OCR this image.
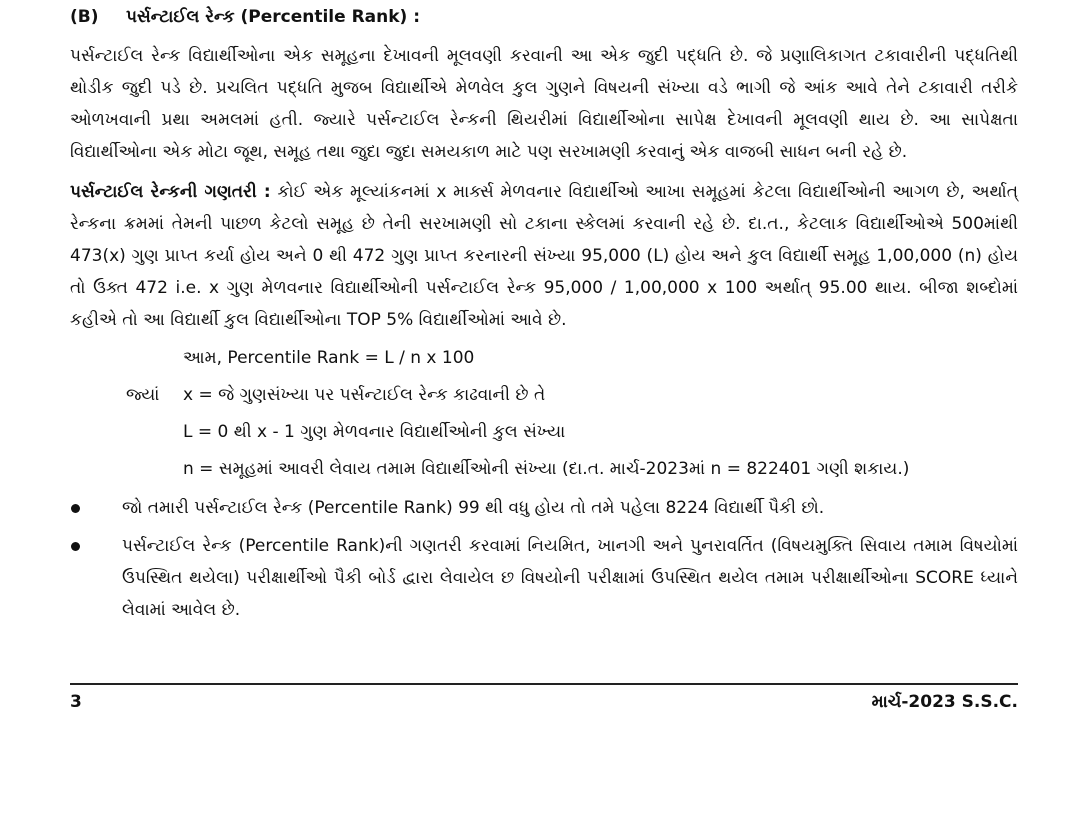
(B) પર્સન્ટાઈલ રેન્ક (Percentile Rank) :

પર્સન્ટાઈલ રેન્ક વિદ્યાર્થીઓના એક સમૂહના દેખાવની મૂલવણી કરવાની આ એક જુદી પદ્ધતિ છે. જે પ્રણાલિકાગત ટકાવારીની પદ્ધતિથી થોડીક જુદી પડે છે. પ્રચલિત પદ્ધતિ મુજબ વિદ્યાર્થીએ મેળવેલ કુલ ગુણને વિષયની સંખ્યા વડે ભાગી જે આંક આવે તેને ટકાવારી તરીકે ઓળખવાની પ્રથા અમલમાં હતી. જ્યારે પર્સન્ટાઈલ રેન્કની થિયરીમાં વિદ્યાર્થીઓના સાપેક્ષ દેખાવની મૂલવણી થાય છે. આ સાપેક્ષતા વિદ્યાર્થીઓના એક મોટા જૂથ, સમૂહ તથા જુદા જુદા સમયકાળ માટે પણ સરખામણી કરવાનું એક વાજબી સાધન બની રહે છે.

પર્સન્ટાઈલ રેન્કની ગણતરી : કોઈ એક મૂલ્યાંકનમાં x માર્ક્સ મેળવનાર વિદ્યાર્થીઓ આખા સમૂહમાં કેટલા વિદ્યાર્થીઓની આગળ છે, અર્થાત્ રેન્કના ક્રમમાં તેમની પાછળ કેટલો સમૂહ છે તેની સરખામણી સો ટકાના સ્કેલમાં કરવાની રહે છે. દા.ત., કેટલાક વિદ્યાર્થીઓએ 500માંથી 473(x) ગુણ પ્રાપ્ત કર્યા હોય અને 0 થી 472 ગુણ પ્રાપ્ત કરનારની સંખ્યા 95,000 (L) હોય અને કુલ વિદ્યાર્થી સમૂહ 1,00,000 (n) હોય તો ઉક્ત 472 i.e. x ગુણ મેળવનાર વિદ્યાર્થીઓની પર્સન્ટાઈલ રેન્ક 95,000 / 1,00,000 x 100 અર્થાત્ 95.00 થાય. બીજા શબ્દોમાં કહીએ તો આ વિદ્યાર્થી કુલ વિદ્યાર્થીઓના TOP 5% વિદ્યાર્થીઓમાં આવે છે.

આમ, Percentile Rank = L / n x 100
જ્યાં x = જે ગુણસંખ્યા પર પર્સન્ટાઈલ રેન્ક કાઢવાની છે તે
L = 0 થી x - 1 ગુણ મેળવનાર વિદ્યાર્થીઓની કુલ સંખ્યા
n = સમૂહમાં આવરી લેવાય તમામ વિદ્યાર્થીઓની સંખ્યા (દા.ત. માર્ચ-2023માં n = 822401 ગણી શકાય.)
જો તમારી પર્સન્ટાઈલ રેન્ક (Percentile Rank) 99 થી વધુ હોય તો તમે પહેલા 8224 વિદ્યાર્થી પૈકી છો.
પર્સન્ટાઈલ રેન્ક (Percentile Rank)ની ગણતરી કરવામાં નિયમિત, ખાનગી અને પુનરાવર્તિત (વિષયમુક્તિ સિવાય તમામ વિષયોમાં ઉપસ્થિત થયેલા) પરીક્ષાર્થીઓ પૈકી બોર્ડ દ્વારા લેવાયેલ છ વિષયોની પરીક્ષામાં ઉપસ્થિત થયેલ તમામ પરીક્ષાર્થીઓના SCORE ધ્યાને લેવામાં આવેલ છે.
3	માર્ચ-2023 S.S.C.
